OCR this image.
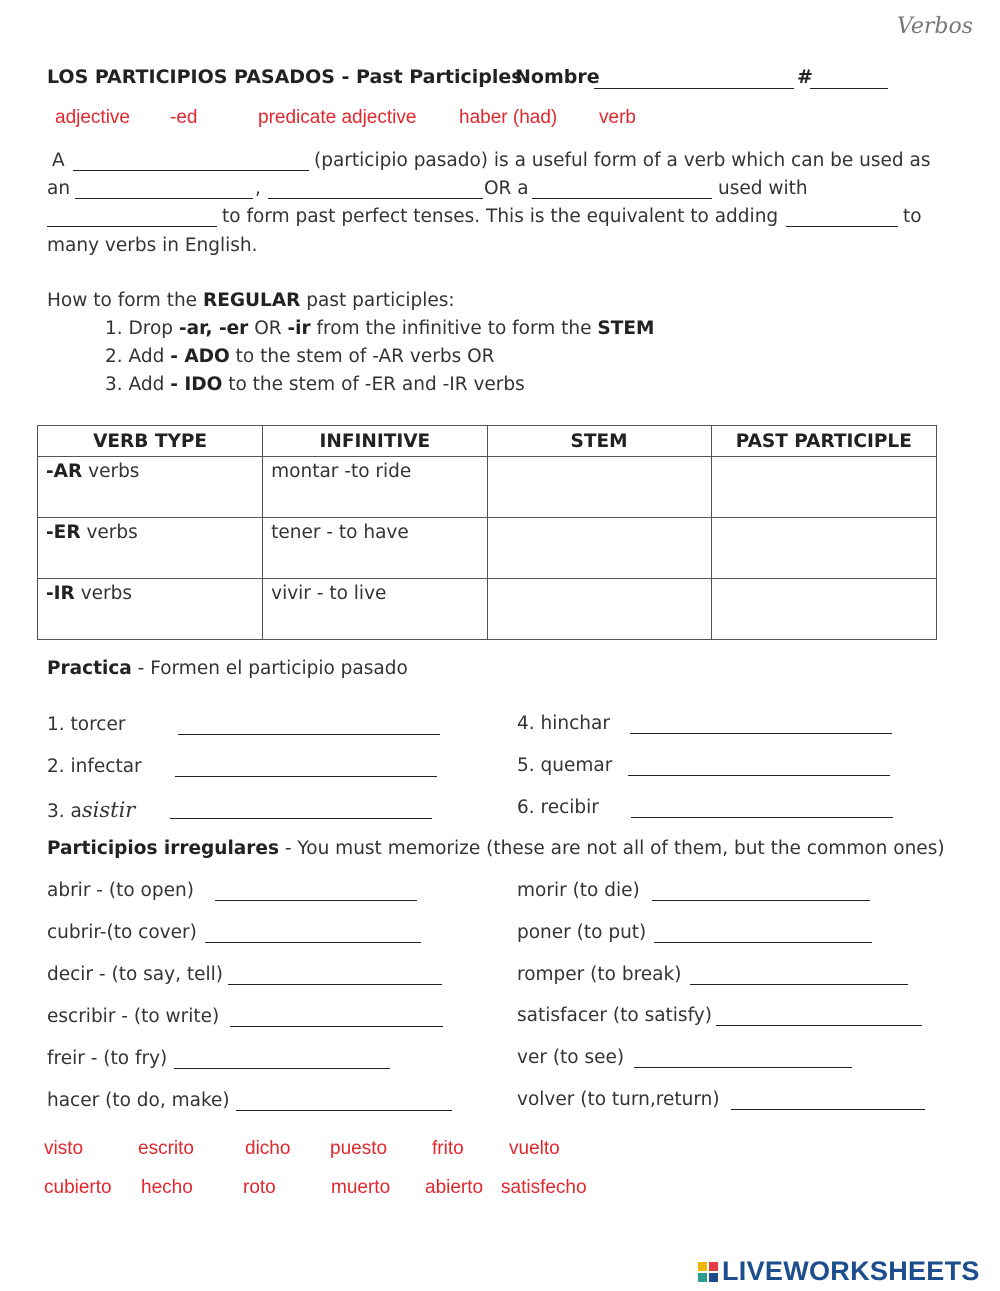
Verbos
LOS PARTICIPIOS PASADOS - Past Participles
Nombre	#
adjective -ed	predicate adjective haber (had) verb
A	(participio pasado) is a useful form of a verb which can be used as
an	,	OR a	used with
to form past perfect tenses. This is the equivalent to adding	to
many verbs in English.
How to form the REGULAR past participles:
1. Drop -ar, -er OR -ir from the infinitive to form the STEM
2. Add - ADO to the stem of -AR verbs OR
3. Add - IDO to the stem of -ER and -IR verbs
VERB TYPE	INFINITIVE	STEM	PAST PARTICIPLE
-AR verbs	montar -to ride		
-ER verbs	tener - to have		
-IR verbs	vivir - to live		
Practica - Formen el participio pasado
1. torcer
2. infectar
3. asistir
4. hinchar
5. quemar
6. recibir
Participios irregulares - You must memorize (these are not all of them, but the common ones)
abrir - (to open)
cubrir-(to cover)
decir - (to say, tell)
escribir - (to write)
freir - (to fry)
hacer (to do, make)
morir (to die)
poner (to put)
romper (to break)
satisfacer (to satisfy)
ver (to see)
volver (to turn,return)
visto	escrito	dicho puesto frito vuelto
cubierto hecho	roto	muerto abierto satisfecho
LIVEWORKSHEETS
